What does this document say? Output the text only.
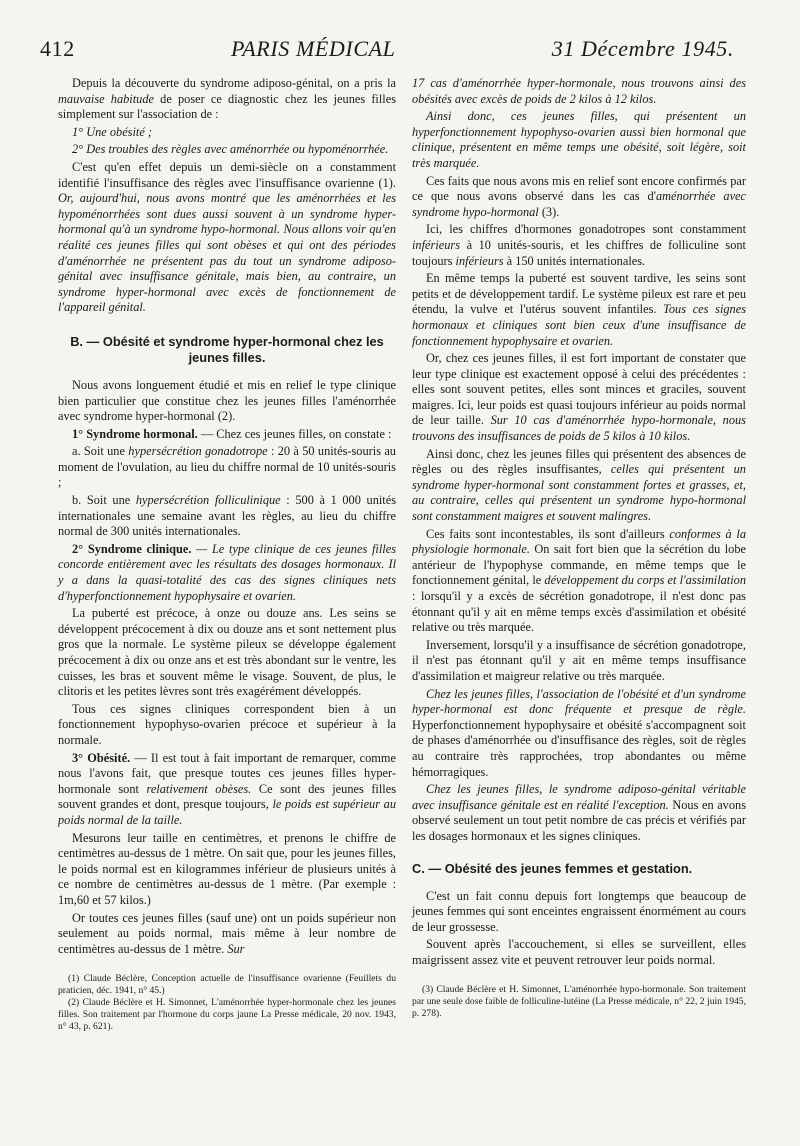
412	PARIS MÉDICAL	31 Décembre 1945.

Depuis la découverte du syndrome adiposo-génital, on a pris la mauvaise habitude de poser ce diagnostic chez les jeunes filles simplement sur l'association de :

1° Une obésité ;

2° Des troubles des règles avec aménorrhée ou hypoménorrhée.

C'est qu'en effet depuis un demi-siècle on a constamment identifié l'insuffisance des règles avec l'insuffisance ovarienne (1). Or, aujourd'hui, nous avons montré que les aménorrhées et les hypoménorrhées sont dues aussi souvent à un syndrome hyper-hormonal qu'à un syndrome hypo-hormonal. Nous allons voir qu'en réalité ces jeunes filles qui sont obèses et qui ont des périodes d'aménorrhée ne présentent pas du tout un syndrome adiposo-génital avec insuffisance génitale, mais bien, au contraire, un syndrome hyper-hormonal avec excès de fonctionnement de l'appareil génital.

B. — Obésité et syndrome hyper-hormonal chez les jeunes filles.

Nous avons longuement étudié et mis en relief le type clinique bien particulier que constitue chez les jeunes filles l'aménorrhée avec syndrome hyper-hormonal (2).

1° Syndrome hormonal. — Chez ces jeunes filles, on constate :

a. Soit une hypersécrétion gonadotrope : 20 à 50 unités-souris au moment de l'ovulation, au lieu du chiffre normal de 10 unités-souris ;

b. Soit une hypersécrétion folliculinique : 500 à 1 000 unités internationales une semaine avant les règles, au lieu du chiffre normal de 300 unités internationales.

2° Syndrome clinique. — Le type clinique de ces jeunes filles concorde entièrement avec les résultats des dosages hormonaux. Il y a dans la quasi-totalité des cas des signes cliniques nets d'hyperfonctionnement hypophysaire et ovarien.

La puberté est précoce, à onze ou douze ans. Les seins se développent précocement à dix ou douze ans et sont nettement plus gros que la normale. Le système pileux se développe également précocement à dix ou onze ans et est très abondant sur le ventre, les cuisses, les bras et souvent même le visage. Souvent, de plus, le clitoris et les petites lèvres sont très exagérément développés.

Tous ces signes cliniques correspondent bien à un fonctionnement hypophyso-ovarien précoce et supérieur à la normale.

3° Obésité. — Il est tout à fait important de remarquer, comme nous l'avons fait, que presque toutes ces jeunes filles hyper-hormonale sont relativement obèses. Ce sont des jeunes filles souvent grandes et dont, presque toujours, le poids est supérieur au poids normal de la taille.

Mesurons leur taille en centimètres, et prenons le chiffre de centimètres au-dessus de 1 mètre. On sait que, pour les jeunes filles, le poids normal est en kilogrammes inférieur de plusieurs unités à ce nombre de centimètres au-dessus de 1 mètre. (Par exemple : 1m,60 et 57 kilos.)

Or toutes ces jeunes filles (sauf une) ont un poids supérieur non seulement au poids normal, mais même à leur nombre de centimètres au-dessus de 1 mètre. Sur

(1) Claude Béclère, Conception actuelle de l'insuffisance ovarienne (Feuillets du praticien, déc. 1941, n° 45.)

(2) Claude Béclère et H. Simonnet, L'aménorrhée hyper-hormonale chez les jeunes filles. Son traitement par l'hormone du corps jaune La Presse médicale, 20 nov. 1943, n° 43, p. 621).

17 cas d'aménorrhée hyper-hormonale, nous trouvons ainsi des obésités avec excès de poids de 2 kilos à 12 kilos.

Ainsi donc, ces jeunes filles, qui présentent un hyperfonctionnement hypophyso-ovarien aussi bien hormonal que clinique, présentent en même temps une obésité, soit légère, soit très marquée.

Ces faits que nous avons mis en relief sont encore confirmés par ce que nous avons observé dans les cas d'aménorrhée avec syndrome hypo-hormonal (3).

Ici, les chiffres d'hormones gonadotropes sont constamment inférieurs à 10 unités-souris, et les chiffres de folliculine sont toujours inférieurs à 150 unités internationales.

En même temps la puberté est souvent tardive, les seins sont petits et de développement tardif. Le système pileux est rare et peu étendu, la vulve et l'utérus souvent infantiles. Tous ces signes hormonaux et cliniques sont bien ceux d'une insuffisance de fonctionnement hypophysaire et ovarien.

Or, chez ces jeunes filles, il est fort important de constater que leur type clinique est exactement opposé à celui des précédentes : elles sont souvent petites, elles sont minces et graciles, souvent maigres. Ici, leur poids est quasi toujours inférieur au poids normal de leur taille. Sur 10 cas d'aménorrhée hypo-hormonale, nous trouvons des insuffisances de poids de 5 kilos à 10 kilos.

Ainsi donc, chez les jeunes filles qui présentent des absences de règles ou des règles insuffisantes, celles qui présentent un syndrome hyper-hormonal sont constamment fortes et grasses, et, au contraire, celles qui présentent un syndrome hypo-hormonal sont constamment maigres et souvent malingres.

Ces faits sont incontestables, ils sont d'ailleurs conformes à la physiologie hormonale. On sait fort bien que la sécrétion du lobe antérieur de l'hypophyse commande, en même temps que le fonctionnement génital, le développement du corps et l'assimilation : lorsqu'il y a excès de sécrétion gonadotrope, il n'est donc pas étonnant qu'il y ait en même temps excès d'assimilation et obésité relative ou très marquée.

Inversement, lorsqu'il y a insuffisance de sécrétion gonadotrope, il n'est pas étonnant qu'il y ait en même temps insuffisance d'assimilation et maigreur relative ou très marquée.

Chez les jeunes filles, l'association de l'obésité et d'un syndrome hyper-hormonal est donc fréquente et presque de règle. Hyperfonctionnement hypophysaire et obésité s'accompagnent soit de phases d'aménorrhée ou d'insuffisance des règles, soit de règles au contraire très rapprochées, trop abondantes ou même hémorragiques.

Chez les jeunes filles, le syndrome adiposo-génital véritable avec insuffisance génitale est en réalité l'exception. Nous en avons observé seulement un tout petit nombre de cas précis et vérifiés par les dosages hormonaux et les signes cliniques.

C. — Obésité des jeunes femmes et gestation.

C'est un fait connu depuis fort longtemps que beaucoup de jeunes femmes qui sont enceintes engraissent énormément au cours de leur grossesse.

Souvent après l'accouchement, si elles se surveillent, elles maigrissent assez vite et peuvent retrouver leur poids normal.

(3) Claude Béclère et H. Simonnet, L'aménorrhée hypo-hormonale. Son traitement par une seule dose faible de folliculine-lutéine (La Presse médicale, n° 22, 2 juin 1945, p. 278).
